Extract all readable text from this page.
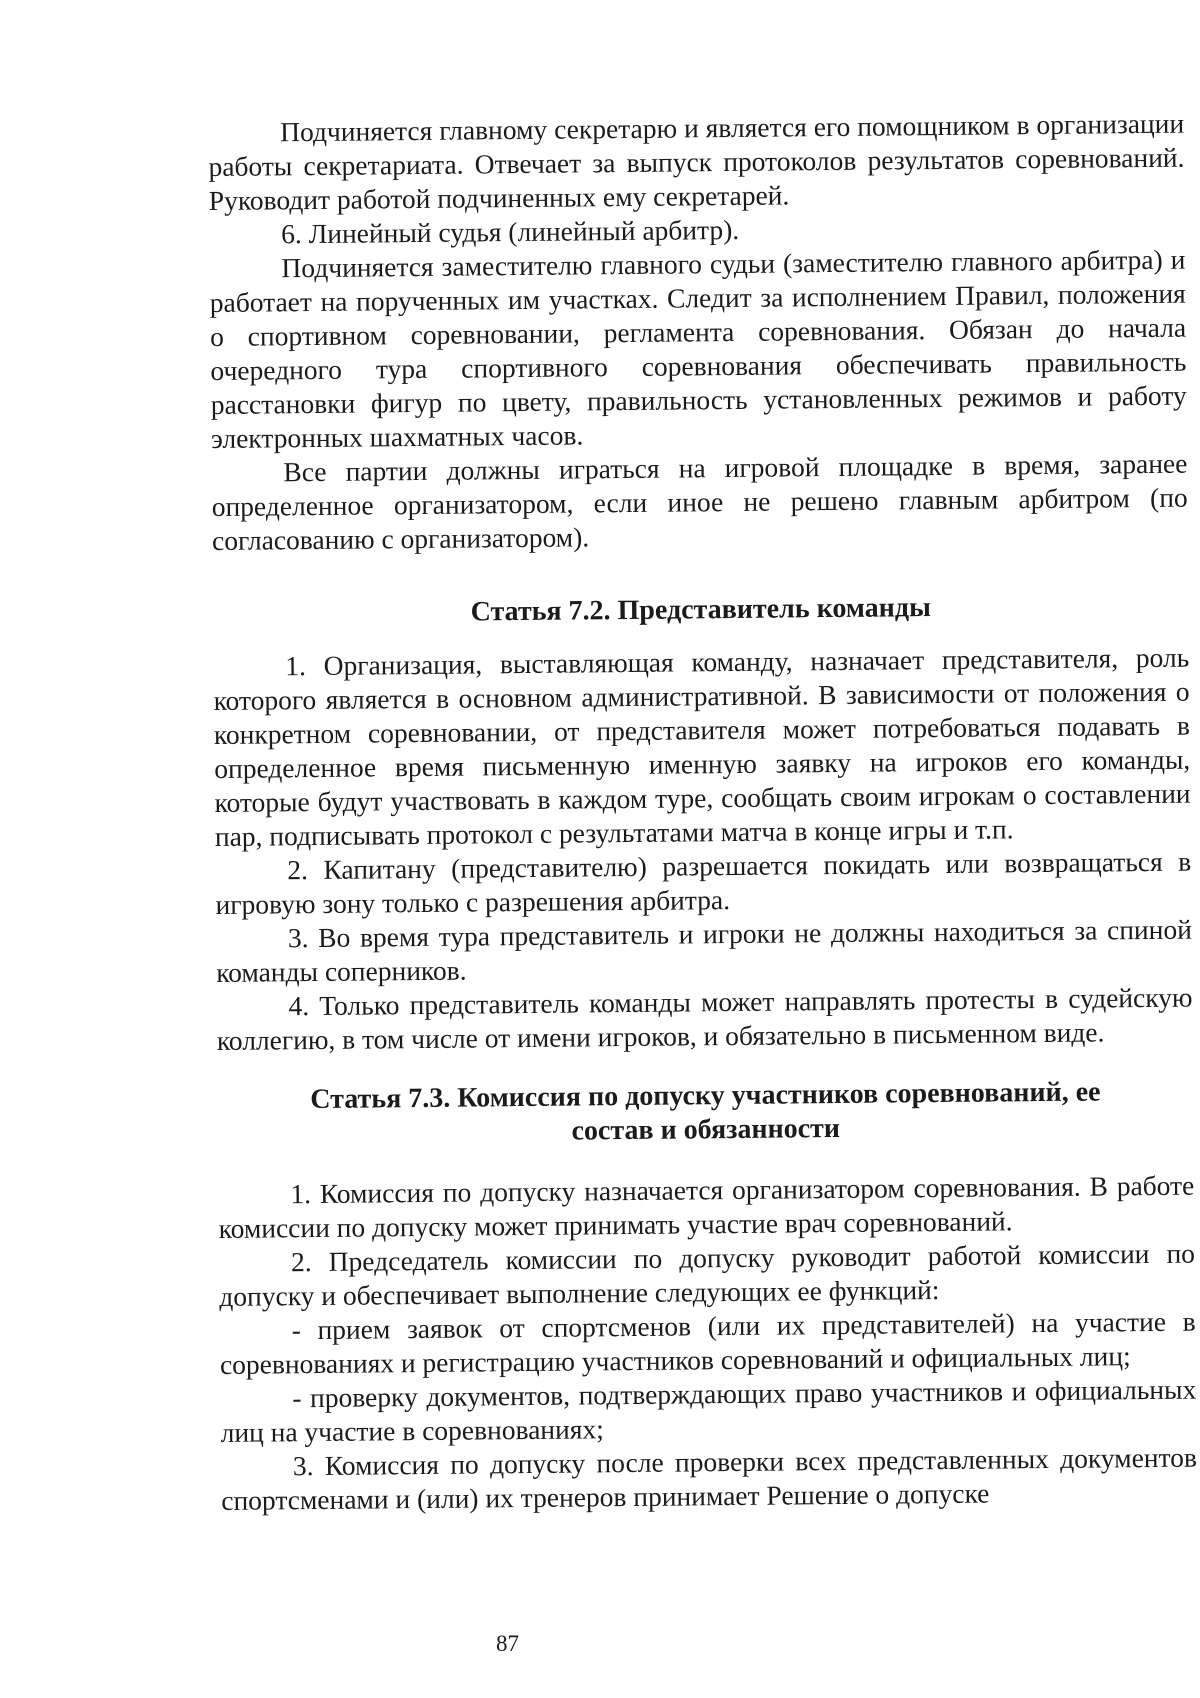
Подчиняется главному секретарю и является его помощником в организации работы секретариата. Отвечает за выпуск протоколов результатов соревнований. Руководит работой подчиненных ему секретарей.

6. Линейный судья (линейный арбитр).

Подчиняется заместителю главного судьи (заместителю главного арбитра) и работает на порученных им участках. Следит за исполнением Правил, положения о спортивном соревновании, регламента соревнования. Обязан до начала очередного тура спортивного соревнования обеспечивать правильность расстановки фигур по цвету, правильность установленных режимов и работу электронных шахматных часов.

Все партии должны играться на игровой площадке в время, заранее определенное организатором, если иное не решено главным арбитром (по согласованию с организатором).

Статья 7.2. Представитель команды

1. Организация, выставляющая команду, назначает представителя, роль которого является в основном административной. В зависимости от положения о конкретном соревновании, от представителя может потребоваться подавать в определенное время письменную именную заявку на игроков его команды, которые будут участвовать в каждом туре, сообщать своим игрокам о составлении пар, подписывать протокол с результатами матча в конце игры и т.п.

2. Капитану (представителю) разрешается покидать или возвращаться в игровую зону только с разрешения арбитра.

3. Во время тура представитель и игроки не должны находиться за спиной команды соперников.

4. Только представитель команды может направлять протесты в судейскую коллегию, в том числе от имени игроков, и обязательно в письменном виде.

Статья 7.3. Комиссия по допуску участников соревнований, ее
состав и обязанности

1. Комиссия по допуску назначается организатором соревнования. В работе комиссии по допуску может принимать участие врач соревнований.

2. Председатель комиссии по допуску руководит работой комиссии по допуску и обеспечивает выполнение следующих ее функций:

- прием заявок от спортсменов (или их представителей) на участие в соревнованиях и регистрацию участников соревнований и официальных лиц;

- проверку документов, подтверждающих право участников и официальных лиц на участие в соревнованиях;

3. Комиссия по допуску после проверки всех представленных документов спортсменами и (или) их тренеров принимает Решение о допуске

87
